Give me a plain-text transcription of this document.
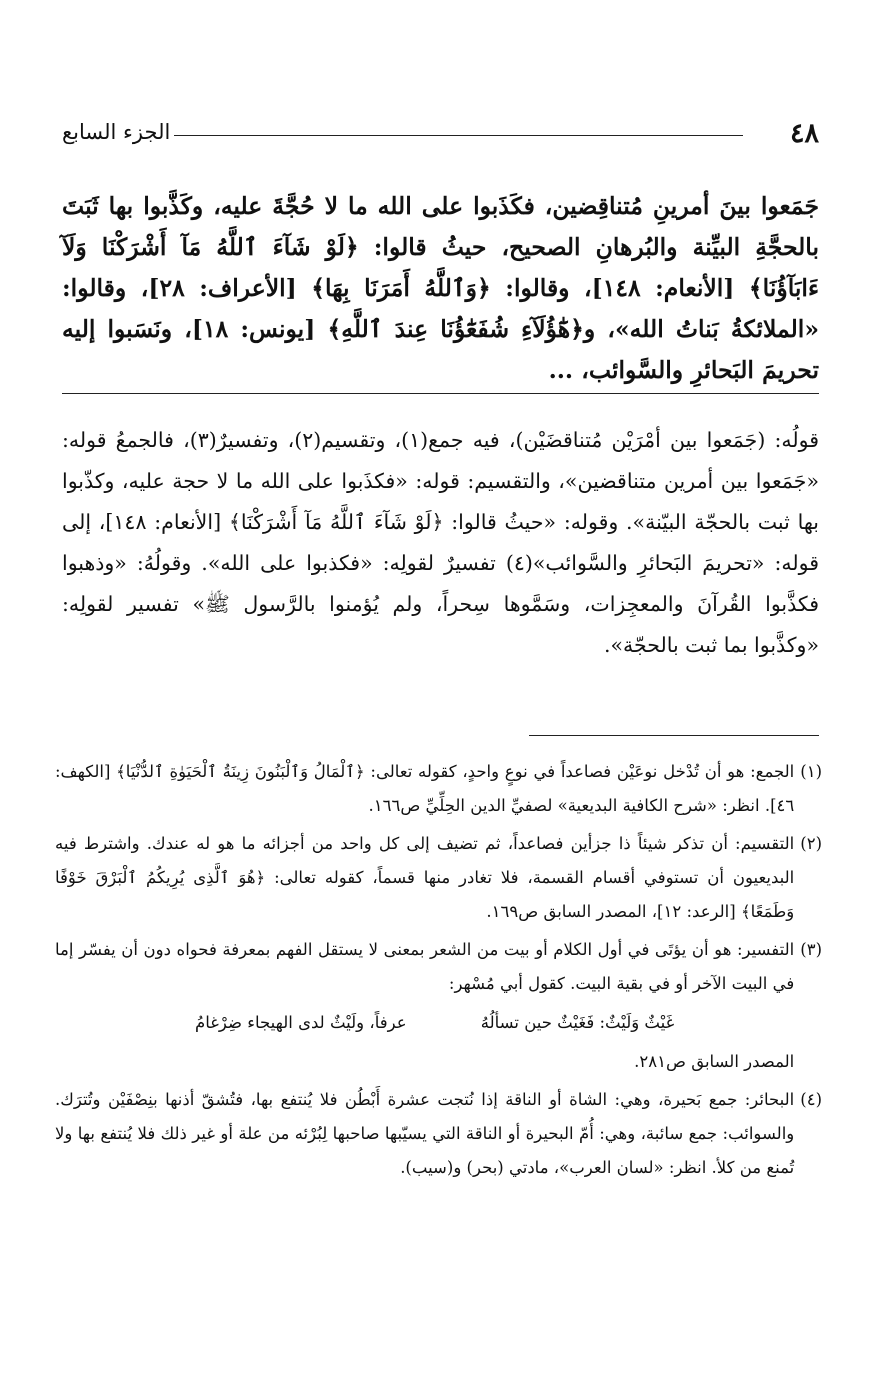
٤٨
الجزء السابع

جَمَعوا بينَ أمرينِ مُتناقِضين، فكَذَبوا على الله ما لا حُجَّةَ عليه، وكَذَّبوا بها ثَبَتَ بالحجَّةِ البيِّنة والبُرهانِ الصحيح، حيثُ قالوا: ﴿لَوْ شَآءَ ٱللَّهُ مَآ أَشْرَكْنَا وَلَآ ءَابَآؤُنَا﴾ [الأنعام: ١٤٨]، وقالوا: ﴿وَٱللَّهُ أَمَرَنَا بِهَا﴾ [الأعراف: ٢٨]، وقالوا: «الملائكةُ بَناتُ الله»، و﴿هَٰٓؤُلَآءِ شُفَعَٰٓؤُنَا عِندَ ٱللَّهِ﴾ [يونس: ١٨]، ونَسَبوا إليه تحريمَ البَحائرِ والسَّوائب، ...

قولُه: (جَمَعوا بين أمْرَيْن مُتناقضَيْن)، فيه جمع(١)، وتقسيم(٢)، وتفسيرٌ(٣)، فالجمعُ قوله: «جَمَعوا بين أمرين متناقضين»، والتقسيم: قوله: «فكذَبوا على الله ما لا حجة عليه، وكذّبوا بها ثبت بالحجّة البيّنة». وقوله: «حيثُ قالوا: ﴿لَوْ شَآءَ ٱللَّهُ مَآ أَشْرَكْنَا﴾ [الأنعام: ١٤٨]، إلى قوله: «تحريمَ البَحائرِ والسَّوائب»(٤) تفسيرٌ لقولِه: «فكذبوا على الله». وقولُهُ: «وذهبوا فكذَّبوا القُرآنَ والمعجِزات، وسَمَّوها سِحراً، ولم يُؤمنوا بالرَّسول ﷺ» تفسير لقولِه: «وكذَّبوا بما ثبت بالحجّة».

(١)

الجمع: هو أن تُدْخل نوعَيْن فصاعداً في نوعٍ واحدٍ، كقوله تعالى: ﴿ٱلْمَالُ وَٱلْبَنُونَ زِينَةُ ٱلْحَيَوٰةِ ٱلدُّنْيَا﴾ [الكهف: ٤٦]. انظر: «شرح الكافية البديعية» لصفيِّ الدين الحِلِّيِّ ص١٦٦.

(٢)

التقسيم: أن تذكر شيئاً ذا جزأين فصاعداً، ثم تضيف إلى كل واحد من أجزائه ما هو له عندك. واشترط فيه البديعيون أن تستوفي أقسام القسمة، فلا تغادر منها قسماً، كقوله تعالى: ﴿هُوَ ٱلَّذِى يُرِيكُمُ ٱلْبَرْقَ خَوْفًا وَطَمَعًا﴾ [الرعد: ١٢]، المصدر السابق ص١٦٩.

(٣)

التفسير: هو أن يؤتَى في أول الكلام أو بيت من الشعر بمعنى لا يستقل الفهم بمعرفة فحواه دون أن يفسّر إما في البيت الآخر أو في بقية البيت. كقول أبي مُسْهر:

غَيْثٌ وَلَيْثٌ: فَغَيْثٌ حين تسألُهُ
عرفاً، ولَيْثٌ لدى الهيجاء ضِرْغامُ

المصدر السابق ص٢٨١.

(٤)

البحائر: جمع بَحيرة، وهي: الشاة أو الناقة إذا نُتجت عشرة أَبْطُن فلا يُنتفع بها، فتُشقّ أذنها بنِصْفَيْن وتُترَك. والسوائب: جمع سائبة، وهي: أُمّ البحيرة أو الناقة التي يسيّبها صاحبها لِبُرْئه من علة أو غير ذلك فلا يُنتفع بها ولا تُمنع من كلأ. انظر: «لسان العرب»، مادتي (بحر) و(سيب).
